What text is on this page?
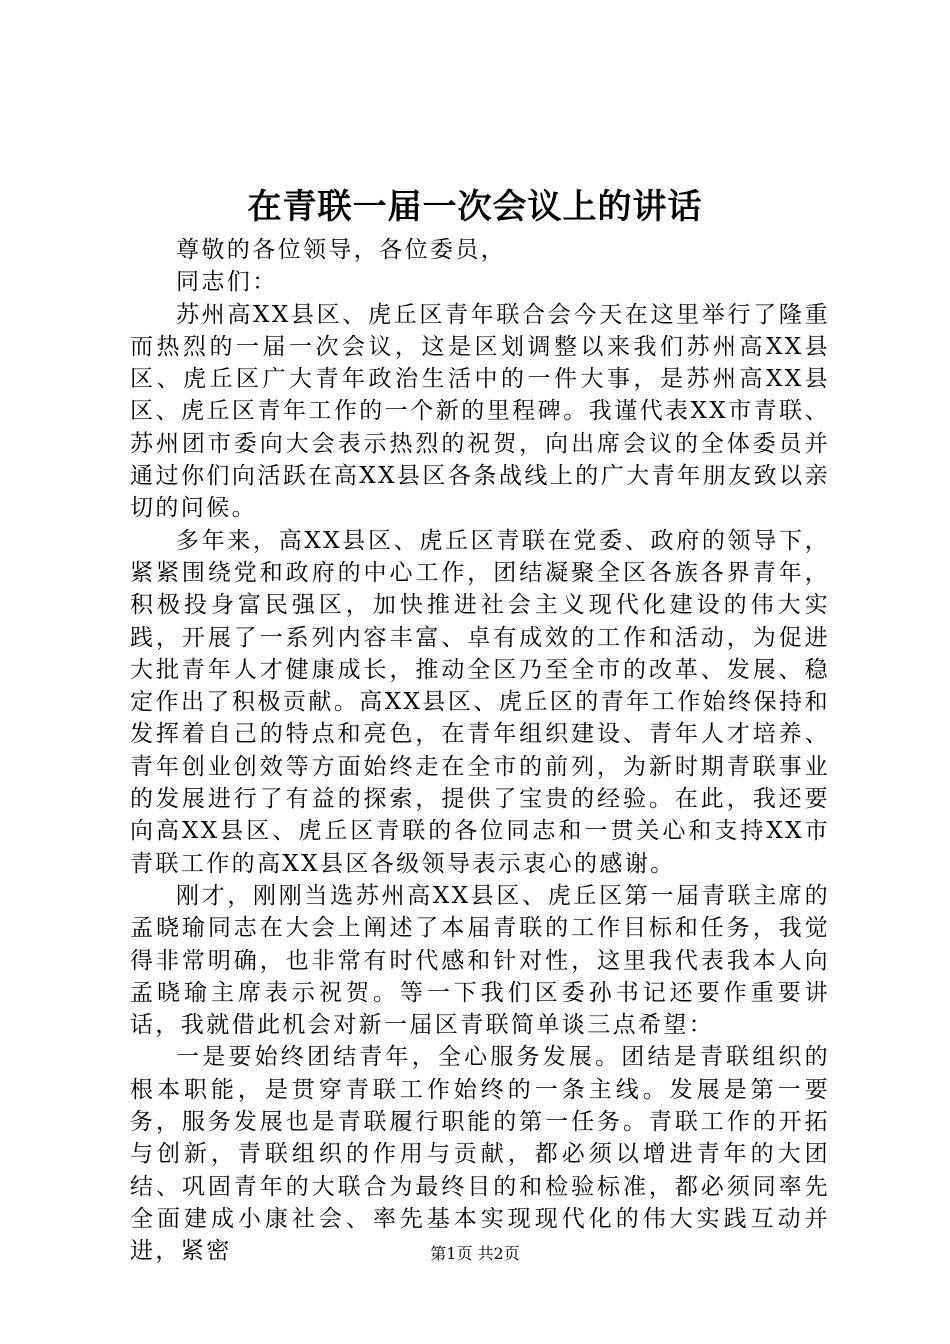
在青联一届一次会议上的讲话

尊敬的各位领导，各位委员，

同志们：

苏州高XX县区、虎丘区青年联合会今天在这里举行了隆重而热烈的一届一次会议，这是区划调整以来我们苏州高XX县区、虎丘区广大青年政治生活中的一件大事，是苏州高XX县区、虎丘区青年工作的一个新的里程碑。我谨代表XX市青联、苏州团市委向大会表示热烈的祝贺，向出席会议的全体委员并通过你们向活跃在高XX县区各条战线上的广大青年朋友致以亲切的问候。

多年来，高XX县区、虎丘区青联在党委、政府的领导下，紧紧围绕党和政府的中心工作，团结凝聚全区各族各界青年，积极投身富民强区，加快推进社会主义现代化建设的伟大实践，开展了一系列内容丰富、卓有成效的工作和活动，为促进大批青年人才健康成长，推动全区乃至全市的改革、发展、稳定作出了积极贡献。高XX县区、虎丘区的青年工作始终保持和发挥着自己的特点和亮色，在青年组织建设、青年人才培养、青年创业创效等方面始终走在全市的前列，为新时期青联事业的发展进行了有益的探索，提供了宝贵的经验。在此，我还要向高XX县区、虎丘区青联的各位同志和一贯关心和支持XX市青联工作的高XX县区各级领导表示衷心的感谢。

刚才，刚刚当选苏州高XX县区、虎丘区第一届青联主席的孟晓瑜同志在大会上阐述了本届青联的工作目标和任务，我觉得非常明确，也非常有时代感和针对性，这里我代表我本人向孟晓瑜主席表示祝贺。等一下我们区委孙书记还要作重要讲话，我就借此机会对新一届区青联简单谈三点希望：

一是要始终团结青年，全心服务发展。团结是青联组织的根本职能，是贯穿青联工作始终的一条主线。发展是第一要务，服务发展也是青联履行职能的第一任务。青联工作的开拓与创新，青联组织的作用与贡献，都必须以增进青年的大团结、巩固青年的大联合为最终目的和检验标准，都必须同率先全面建成小康社会、率先基本实现现代化的伟大实践互动并进，紧密	第1页 共2页
